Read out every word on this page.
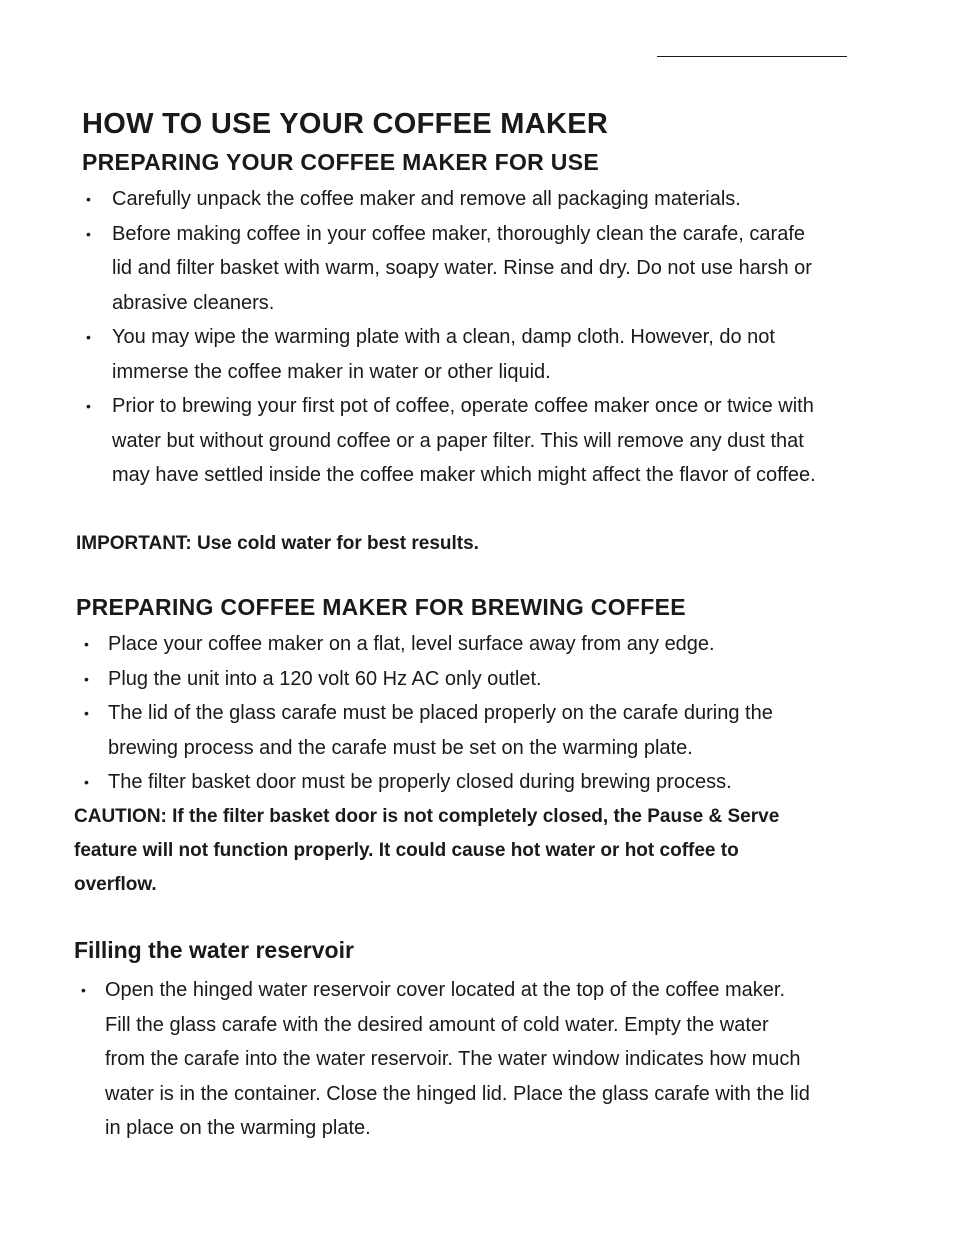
HOW TO USE YOUR COFFEE MAKER
PREPARING YOUR COFFEE MAKER FOR USE
• Carefully unpack the coffee maker and remove all packaging materials.
• Before making coffee in your coffee maker, thoroughly clean the carafe, carafe lid and filter basket with warm, soapy water. Rinse and dry. Do not use harsh or abrasive cleaners.
• You may wipe the warming plate with a clean, damp cloth. However, do not immerse the coffee maker in water or other liquid.
• Prior to brewing your first pot of coffee, operate coffee maker once or twice with water but without ground coffee or a paper filter. This will remove any dust that may have settled inside the coffee maker which might affect the flavor of coffee.

IMPORTANT: Use cold water for best results.

PREPARING COFFEE MAKER FOR BREWING COFFEE
• Place your coffee maker on a flat, level surface away from any edge.
• Plug the unit into a 120 volt 60 Hz AC only outlet.
• The lid of the glass carafe must be placed properly on the carafe during the brewing process and the carafe must be set on the warming plate.
• The filter basket door must be properly closed during brewing process.

CAUTION: If the filter basket door is not completely closed, the Pause & Serve feature will not function properly. It could cause hot water or hot coffee to overflow.

Filling the water reservoir
• Open the hinged water reservoir cover located at the top of the coffee maker. Fill the glass carafe with the desired amount of cold water. Empty the water from the carafe into the water reservoir. The water window indicates how much water is in the container. Close the hinged lid. Place the glass carafe with the lid in place on the warming plate.
